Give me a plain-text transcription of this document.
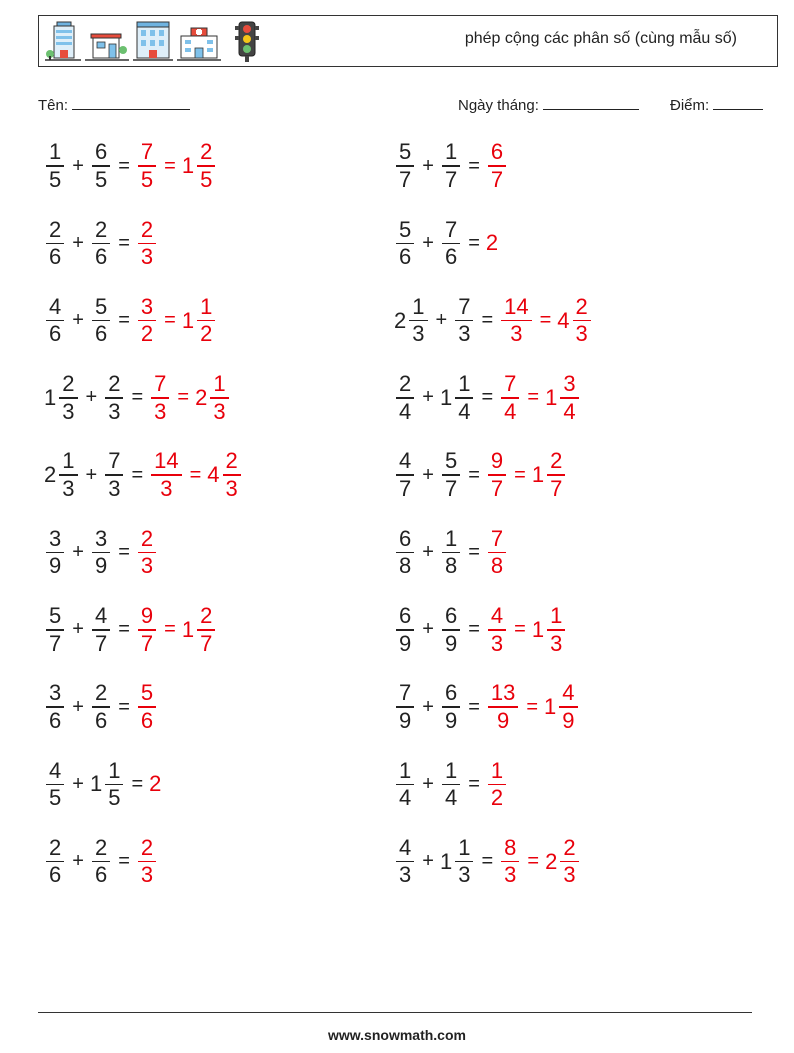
phép cộng các phân số (cùng mẫu số)
Tên:	Ngày tháng:	Điểm:
$\frac{1}{5} + \frac{6}{5} = \frac{7}{5} = 1 \frac{2}{5}$	$\frac{5}{7} + \frac{1}{7} = \frac{6}{7}$
$\frac{2}{6} + \frac{2}{6} = \frac{2}{3}$	$\frac{5}{6} + \frac{7}{6} = 2$
$\frac{4}{6} + \frac{5}{6} = \frac{3}{2} = 1 \frac{1}{2}$	$2 \frac{1}{3} + \frac{7}{3} = \frac{14}{3} = 4 \frac{2}{3}$
$1 \frac{2}{3} + \frac{2}{3} = \frac{7}{3} = 2 \frac{1}{3}$	$\frac{2}{4} + 1 \frac{1}{4} = \frac{7}{4} = 1 \frac{3}{4}$
$2 \frac{1}{3} + \frac{7}{3} = \frac{14}{3} = 4 \frac{2}{3}$	$\frac{4}{7} + \frac{5}{7} = \frac{9}{7} = 1 \frac{2}{7}$
$\frac{3}{9} + \frac{3}{9} = \frac{2}{3}$	$\frac{6}{8} + \frac{1}{8} = \frac{7}{8}$
$\frac{5}{7} + \frac{4}{7} = \frac{9}{7} = 1 \frac{2}{7}$	$\frac{6}{9} + \frac{6}{9} = \frac{4}{3} = 1 \frac{1}{3}$
$\frac{3}{6} + \frac{2}{6} = \frac{5}{6}$	$\frac{7}{9} + \frac{6}{9} = \frac{13}{9} = 1 \frac{4}{9}$
$\frac{4}{5} + 1 \frac{1}{5} = 2$	$\frac{1}{4} + \frac{1}{4} = \frac{1}{2}$
$\frac{2}{6} + \frac{2}{6} = \frac{2}{3}$	$\frac{4}{3} + 1 \frac{1}{3} = \frac{8}{3} = 2 \frac{2}{3}$
www.snowmath.com
